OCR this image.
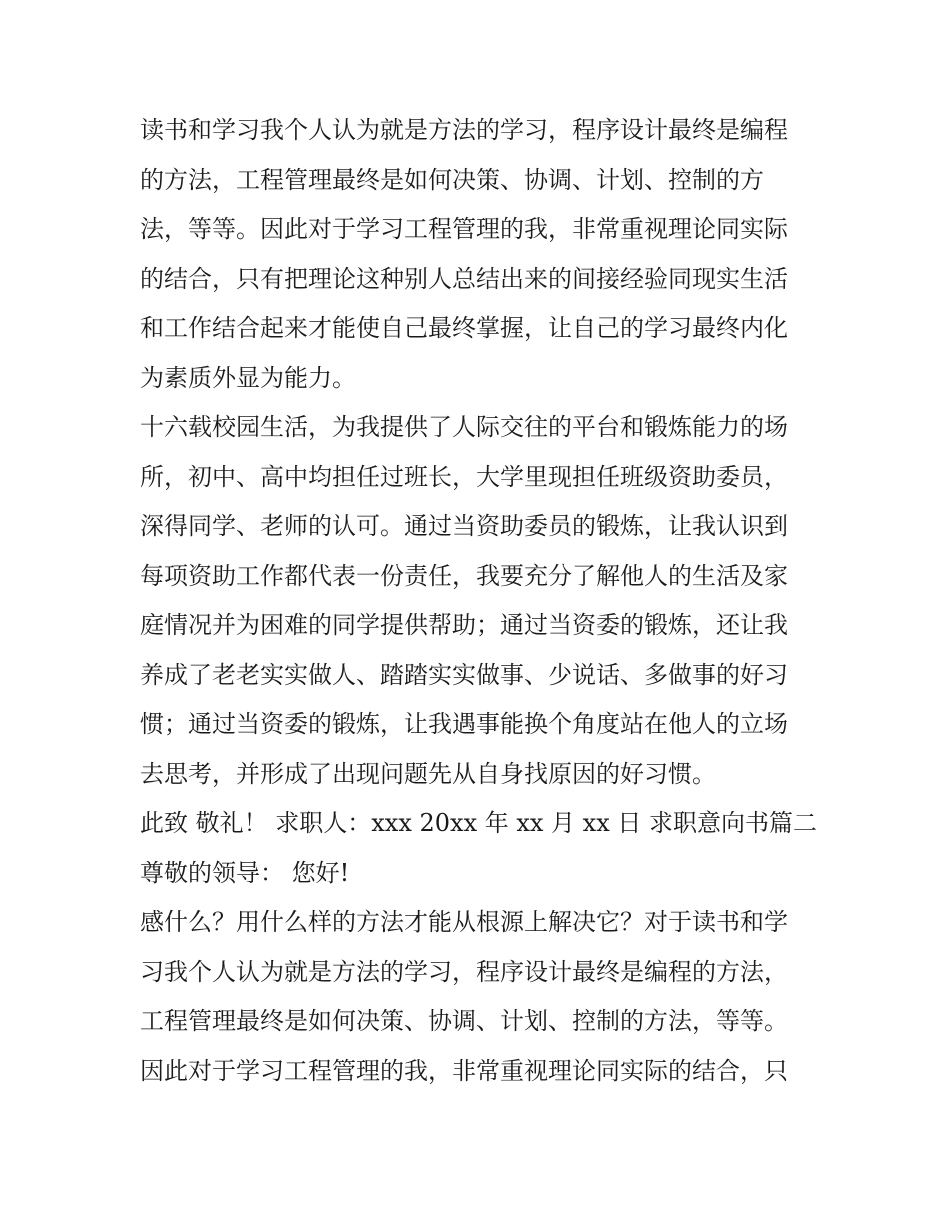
读书和学习我个人认为就是方法的学习，程序设计最终是编程
的方法，工程管理最终是如何决策、协调、计划、控制的方
法，等等。因此对于学习工程管理的我，非常重视理论同实际
的结合，只有把理论这种别人总结出来的间接经验同现实生活
和工作结合起来才能使自己最终掌握，让自己的学习最终内化
为素质外显为能力。
十六载校园生活，为我提供了人际交往的平台和锻炼能力的场
所，初中、高中均担任过班长，大学里现担任班级资助委员，
深得同学、老师的认可。通过当资助委员的锻炼，让我认识到
每项资助工作都代表一份责任，我要充分了解他人的生活及家
庭情况并为困难的同学提供帮助；通过当资委的锻炼，还让我
养成了老老实实做人、踏踏实实做事、少说话、多做事的好习
惯；通过当资委的锻炼，让我遇事能换个角度站在他人的立场
去思考，并形成了出现问题先从自身找原因的好习惯。
此致 敬礼！ 求职人：xxx 20xx 年 xx 月 xx 日 求职意向书篇二
尊敬的领导： 您好!
感什么？用什么样的方法才能从根源上解决它？对于读书和学
习我个人认为就是方法的学习，程序设计最终是编程的方法，
工程管理最终是如何决策、协调、计划、控制的方法，等等。
因此对于学习工程管理的我，非常重视理论同实际的结合，只
